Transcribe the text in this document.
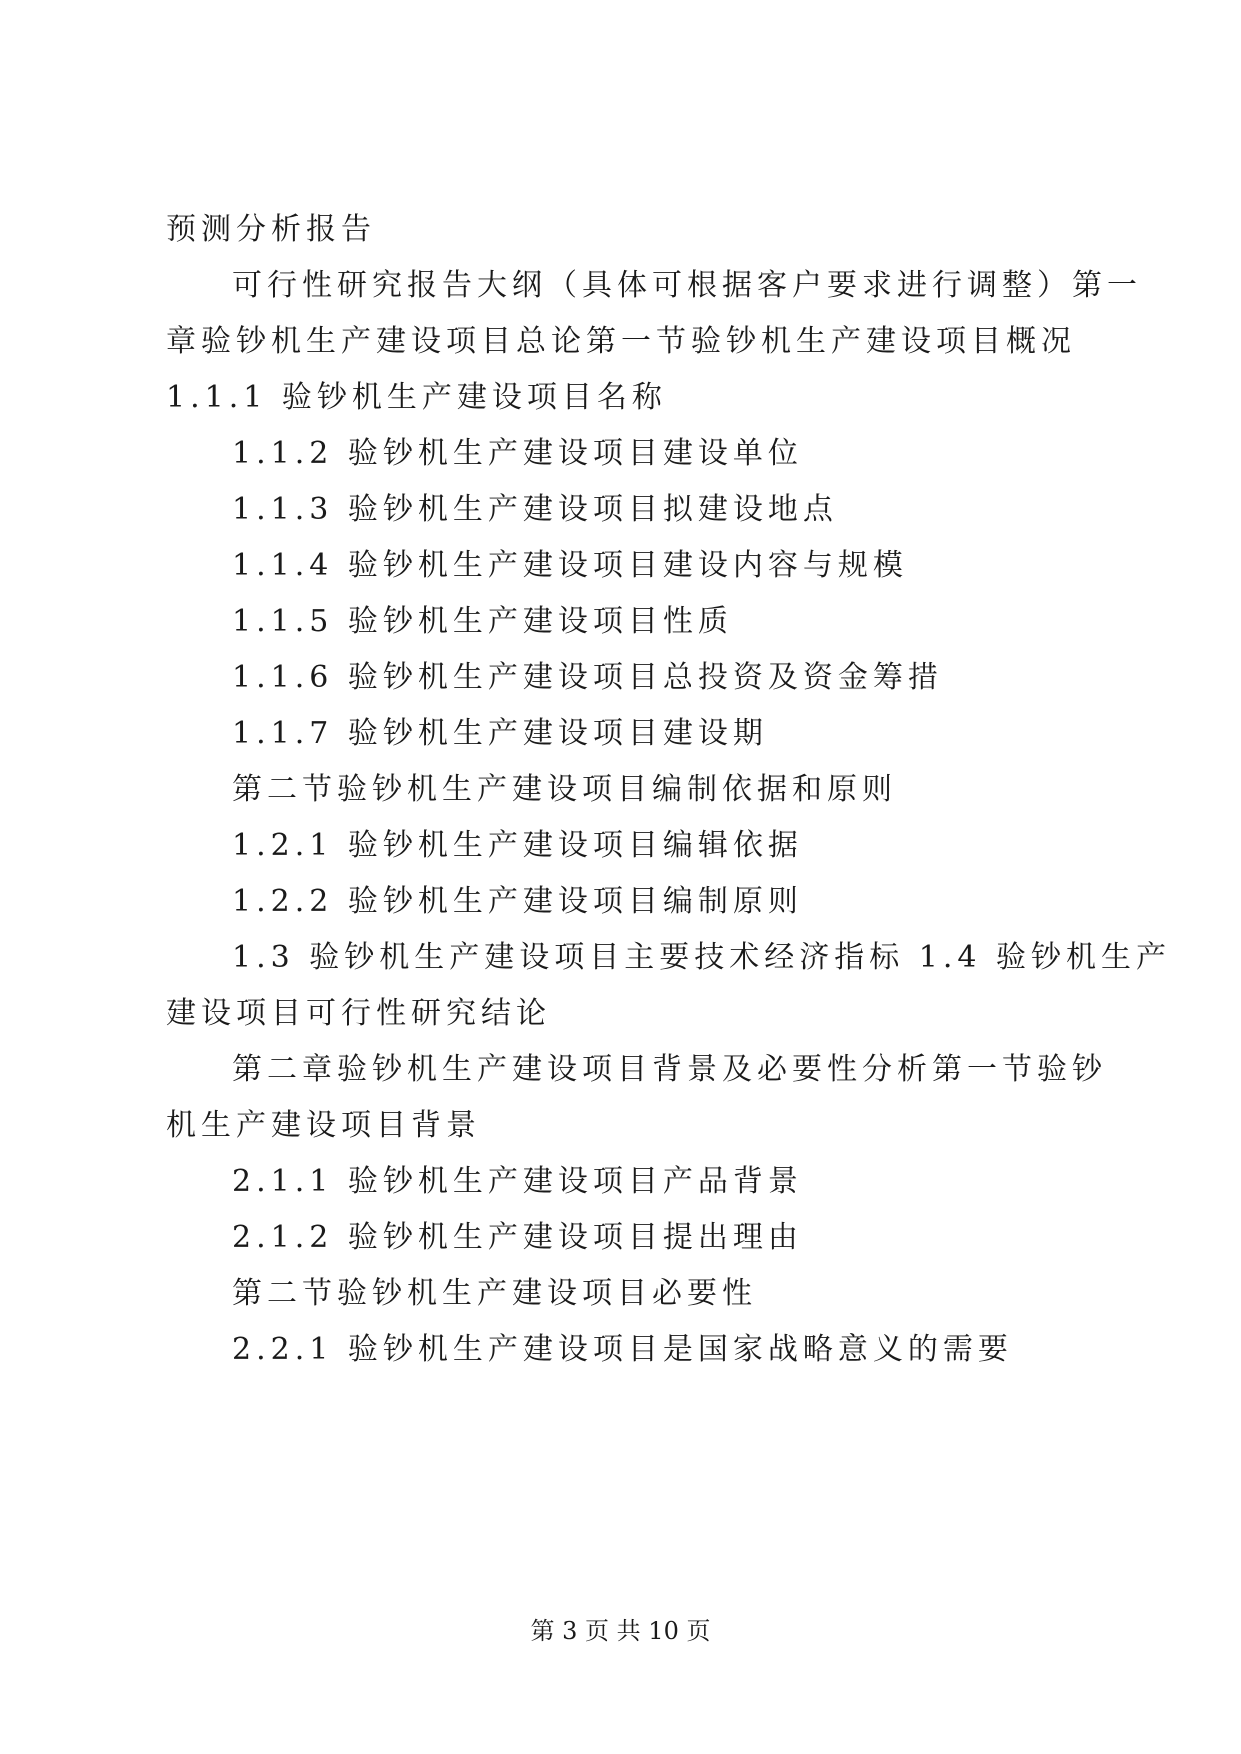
预测分析报告
可行性研究报告大纲（具体可根据客户要求进行调整）第一
章验钞机生产建设项目总论第一节验钞机生产建设项目概况
1.1.1 验钞机生产建设项目名称
1.1.2 验钞机生产建设项目建设单位
1.1.3 验钞机生产建设项目拟建设地点
1.1.4 验钞机生产建设项目建设内容与规模
1.1.5 验钞机生产建设项目性质
1.1.6 验钞机生产建设项目总投资及资金筹措
1.1.7 验钞机生产建设项目建设期
第二节验钞机生产建设项目编制依据和原则
1.2.1 验钞机生产建设项目编辑依据
1.2.2 验钞机生产建设项目编制原则
1.3 验钞机生产建设项目主要技术经济指标 1.4 验钞机生产
建设项目可行性研究结论
第二章验钞机生产建设项目背景及必要性分析第一节验钞
机生产建设项目背景
2.1.1 验钞机生产建设项目产品背景
2.1.2 验钞机生产建设项目提出理由
第二节验钞机生产建设项目必要性
2.2.1 验钞机生产建设项目是国家战略意义的需要
第 3 页 共 10 页
